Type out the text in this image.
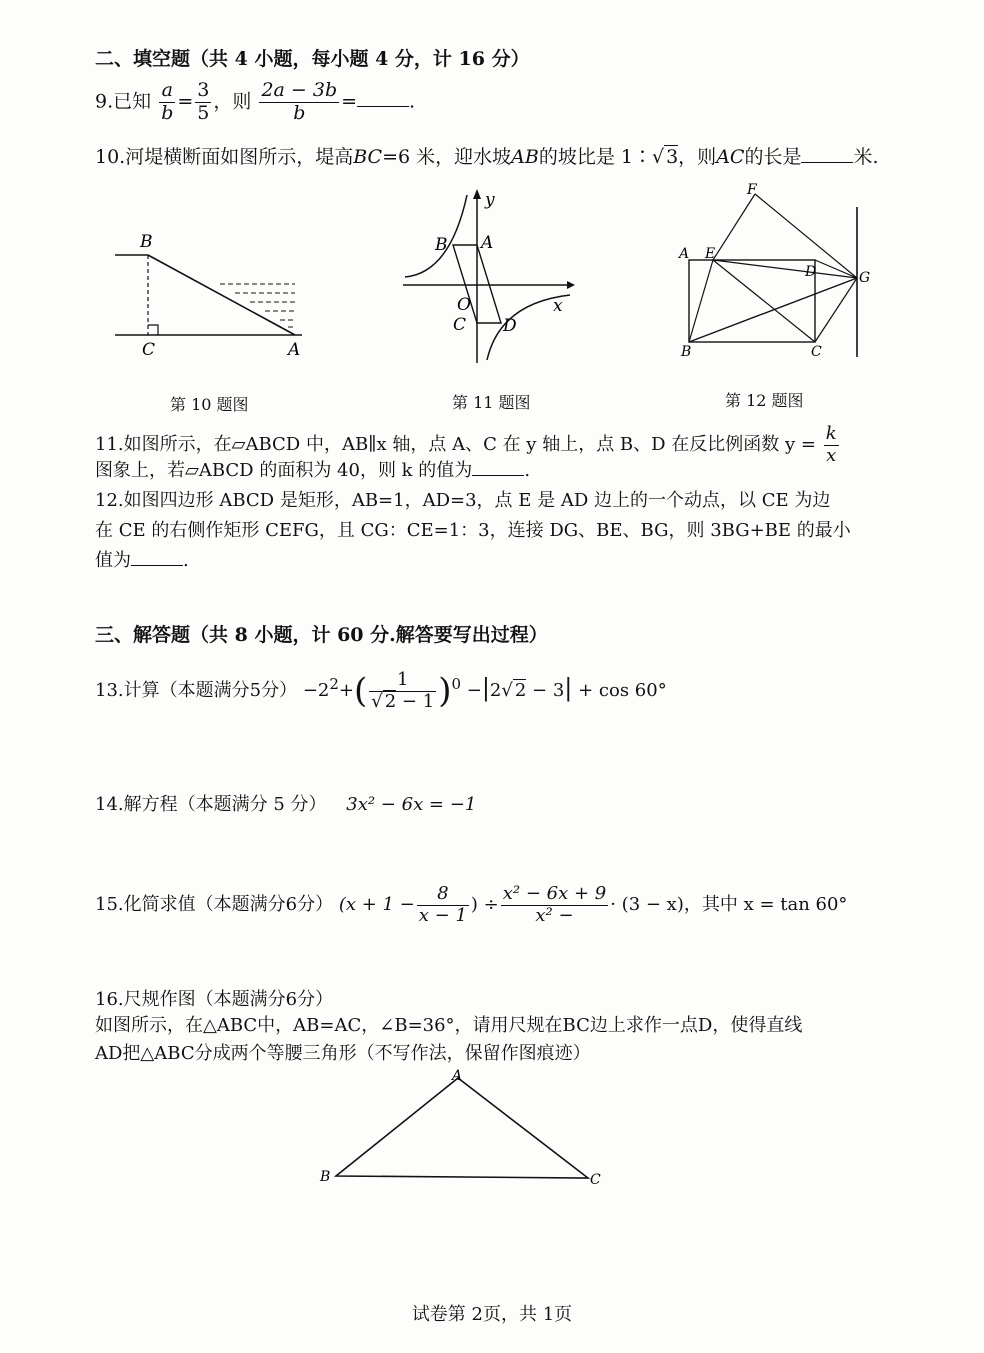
二、填空题（共 4 小题，每小题 4 分，计 16 分）
9.已知 $\frac{a}{b} = \frac{3}{5}$ ，则 $\frac{2a - 3b}{b}$ =	.
10.河堤横断面如图所示，堤高BC=6 米，迎水坡AB的坡比是 1∶√ 3，则AC的长是	米.
B
C	A
第 10 题图
B A
O
C D
y
x
第 11 题图
F
A E
D	G
B	C
第 12 题图
11.如图所示，在▱ABCD 中，AB∥x 轴，点 A、C 在 y 轴上，点 B、D 在反比例函数 $y = \frac{k}{x}$
图象上，若▱ABCD 的面积为 40，则 k 的值为	.
12.如图四边形 ABCD 是矩形，AB=1，AD=3，点 E 是 AD 边上的一个动点，以 CE 为边
在 CE 的右侧作矩形 CEFG，且 CG：CE=1：3，连接 DG、BE、BG，则 3BG+BE 的最小
值为	.
三、解答题（共 8 小题，计 60 分.解答要写出过程）
13.计算（本题满分5分） $-2^2+( \frac{1}{√ 2 - 1} )^0 -|2√$ 2 − 3| + cos 60°
14.解方程（本题满分 5 分） 3x² − 6x = −1
15.化简求值（本题满分6分） ($x + 1 - \frac{8}{x - 1}$ ) ÷ $\frac{\text{x² − 6x + 9}}{\text{x² −}} \cdot (3 - x)$，其中 x = tan 60°
16.尺规作图（本题满分6分）
如图所示，在△ABC中，AB=AC，∠B=36°，请用尺规在BC边上求作一点D，使得直线
AD把△ABC分成两个等腰三角形（不写作法，保留作图痕迹）
A
B	C
试卷第 2页，共 1页
